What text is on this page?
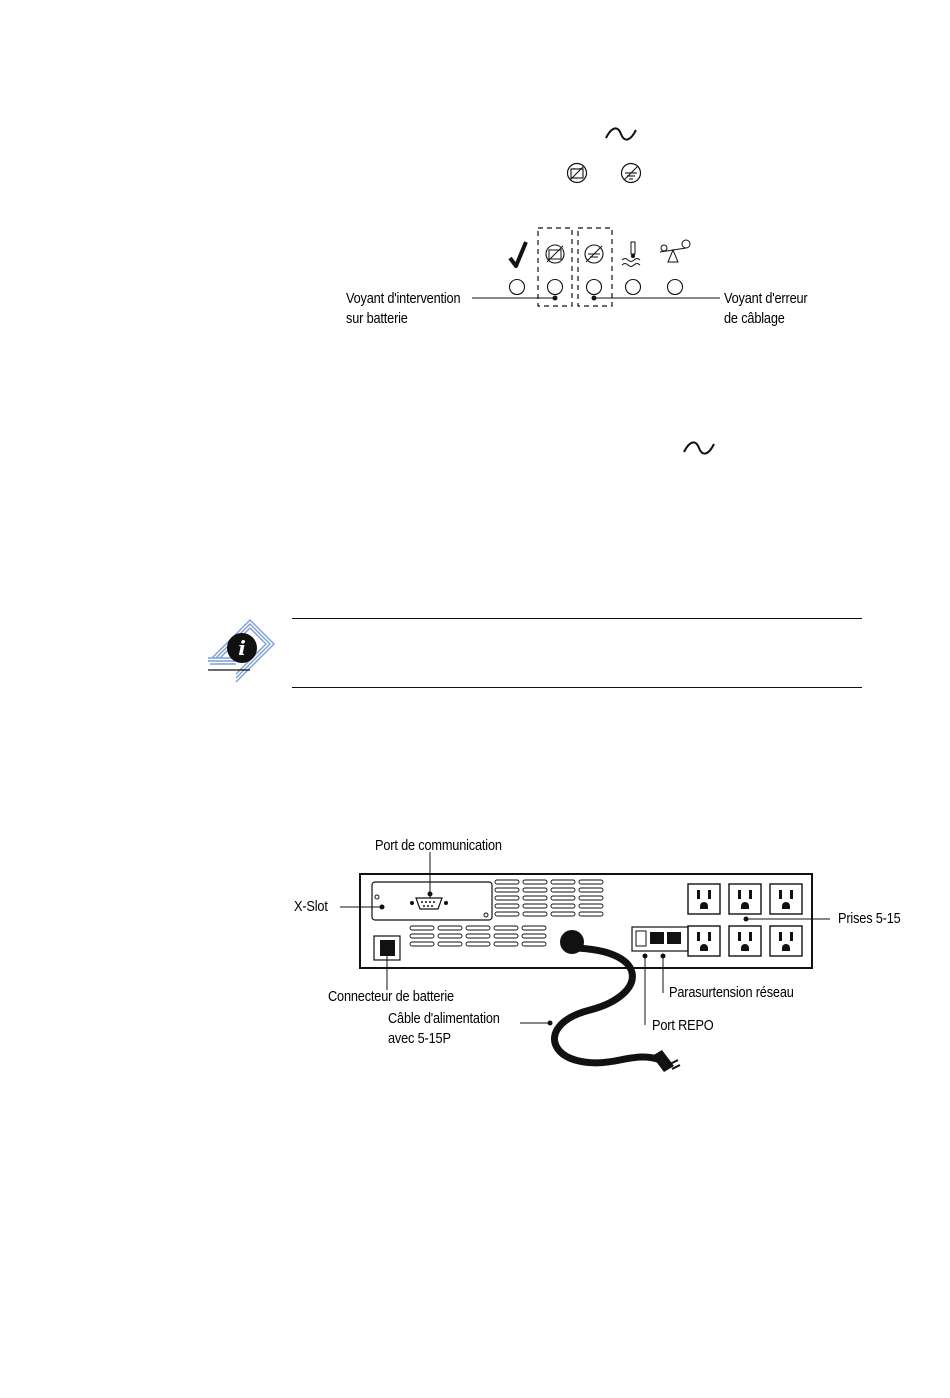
Voyant d'intervention
sur batterie
Voyant d'erreur
de câblage
i
Port de communication
X-Slot
Connecteur de batterie
Câble d'alimentation
avec 5-15P
Prises 5-15
Parasurtension réseau
Port REPO
